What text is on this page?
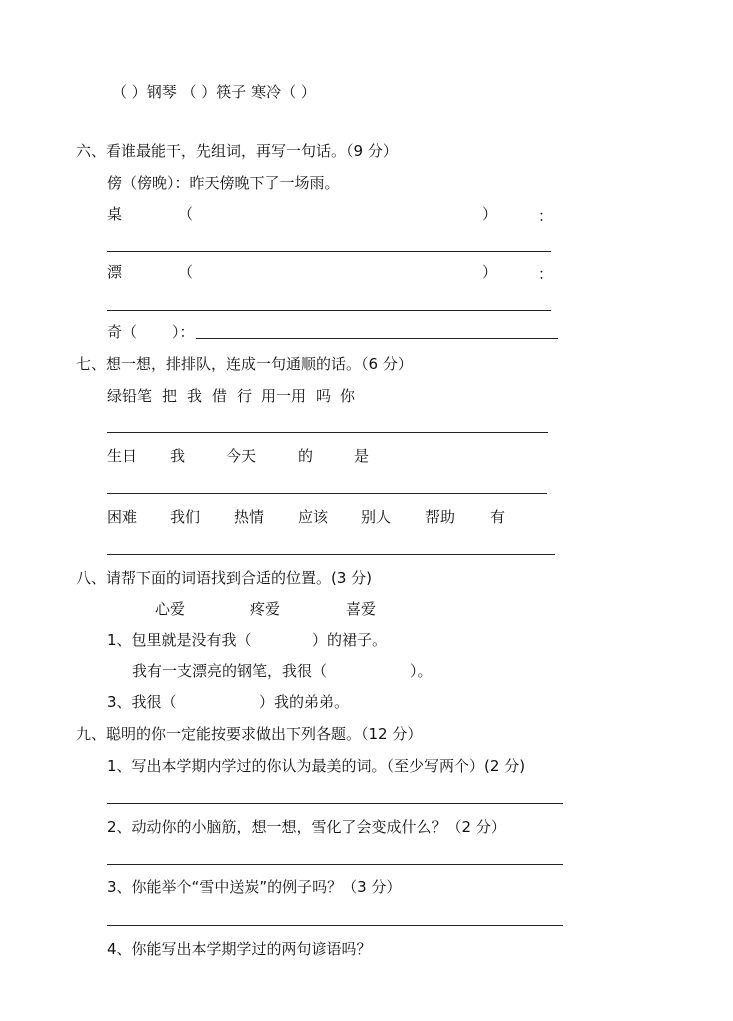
（ ）钢琴 （ ）筷子 寒冷（ ）
六、看谁最能干，先组词，再写一句话。（9 分）
傍（傍晚）：昨天傍晚下了一场雨。
桌	（	）	：
漂	（	）	：
奇（ ）：
七、想一想，排排队，连成一句通顺的话。（6 分）
绿铅笔 把 我 借 行 用一用 吗 你
生日 我	今天	的	是
困难 我们 热情 应该 别人 帮助 有
八、请帮下面的词语找到合适的位置。(3 分)
心爱	疼爱	喜爱
1、包里就是没有我（	）的裙子。
我有一支漂亮的钢笔，我很（	）。
3、我很（	）我的弟弟。
九、聪明的你一定能按要求做出下列各题。（12 分）
1、写出本学期内学过的你认为最美的词。（至少写两个）(2 分)
2、动动你的小脑筋，想一想，雪化了会变成什么？（2 分）
3、你能举个“雪中送炭”的例子吗？（3 分）
4、你能写出本学期学过的两句谚语吗？
